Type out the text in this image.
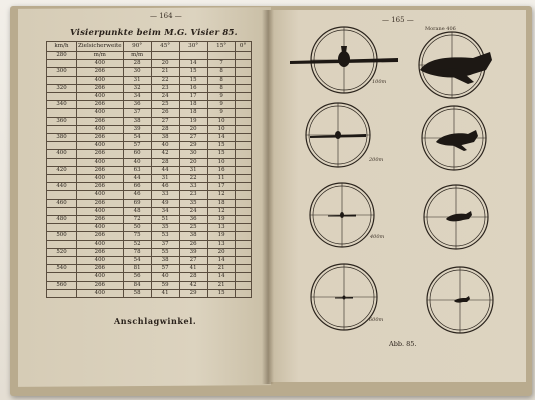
— 164 —
Visierpunkte beim M.G. Visier 85.
km/h	Zielsicherweite	90°	45°	30°	15°	0°
280	m/m	m/m				
	400	28	20	14	7	
300	266	30	21	15	8	
	400	31	22	15	8	
320	266	32	23	16	8	
	400	34	24	17	9	
340	266	36	25	18	9	
	400	37	26	18	9	
360	266	38	27	19	10	
	400	39	28	20	10	
380	266	54	38	27	14	
	400	57	40	29	15	
400	266	60	42	30	15	
	400	40	28	20	10	
420	266	63	44	31	16	
	400	44	31	22	11	
440	266	66	46	33	17	
	400	46	33	23	12	
460	266	69	49	35	18	
	400	48	34	24	12	
480	266	72	51	36	19	
	400	50	35	25	13	
500	266	75	53	38	19	
	400	52	37	26	13	
520	266	78	55	39	20	
	400	54	38	27	14	
540	266	81	57	41	21	
	400	56	40	28	14	
560	266	84	59	42	21	
	400	58	41	29	15	
Anschlagwinkel.
— 165 —
Morane 406
100m
200m
400m
600m
Abb. 85.
